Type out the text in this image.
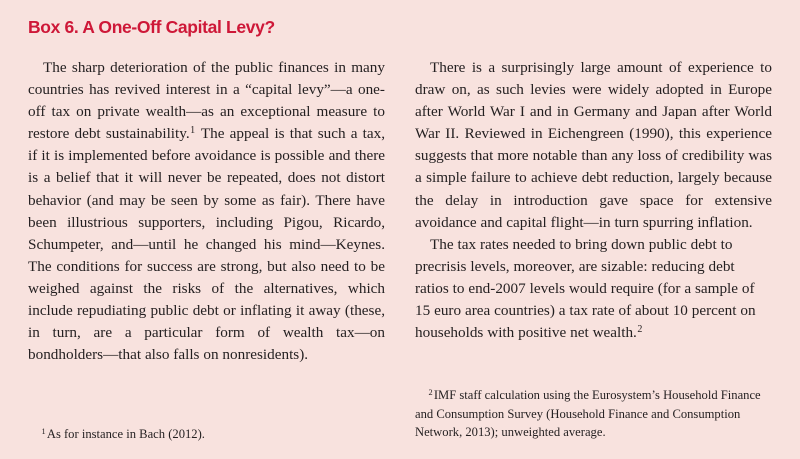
Box 6. A One-Off Capital Levy?

The sharp deterioration of the public finances in many countries has revived interest in a “capital levy”—a one-off tax on private wealth—as an exceptional measure to restore debt sustainability.$^1$ The appeal is that such a tax, if it is implemented before avoidance is possible and there is a belief that it will never be repeated, does not distort behavior (and may be seen by some as fair). There have been illustrious supporters, including Pigou, Ricardo, Schumpeter, and—until he changed his mind—Keynes. The conditions for success are strong, but also need to be weighed against the risks of the alternatives, which include repudiating public debt or inflating it away (these, in turn, are a particular form of wealth tax—on bondholders—that also falls on nonresidents).

$^1$As for instance in Bach (2012).

There is a surprisingly large amount of experience to draw on, as such levies were widely adopted in Europe after World War I and in Germany and Japan after World War II. Reviewed in Eichengreen (1990), this experience suggests that more notable than any loss of credibility was a simple failure to achieve debt reduction, largely because the delay in introduction gave space for extensive avoidance and capital flight—in turn spurring inflation.

The tax rates needed to bring down public debt to precrisis levels, moreover, are sizable: reducing debt ratios to end-2007 levels would require (for a sample of 15 euro area countries) a tax rate of about 10 percent on households with positive net wealth.$^2$

$^2$IMF staff calculation using the Eurosystem’s Household Finance and Consumption Survey (Household Finance and Consumption Network, 2013); unweighted average.
